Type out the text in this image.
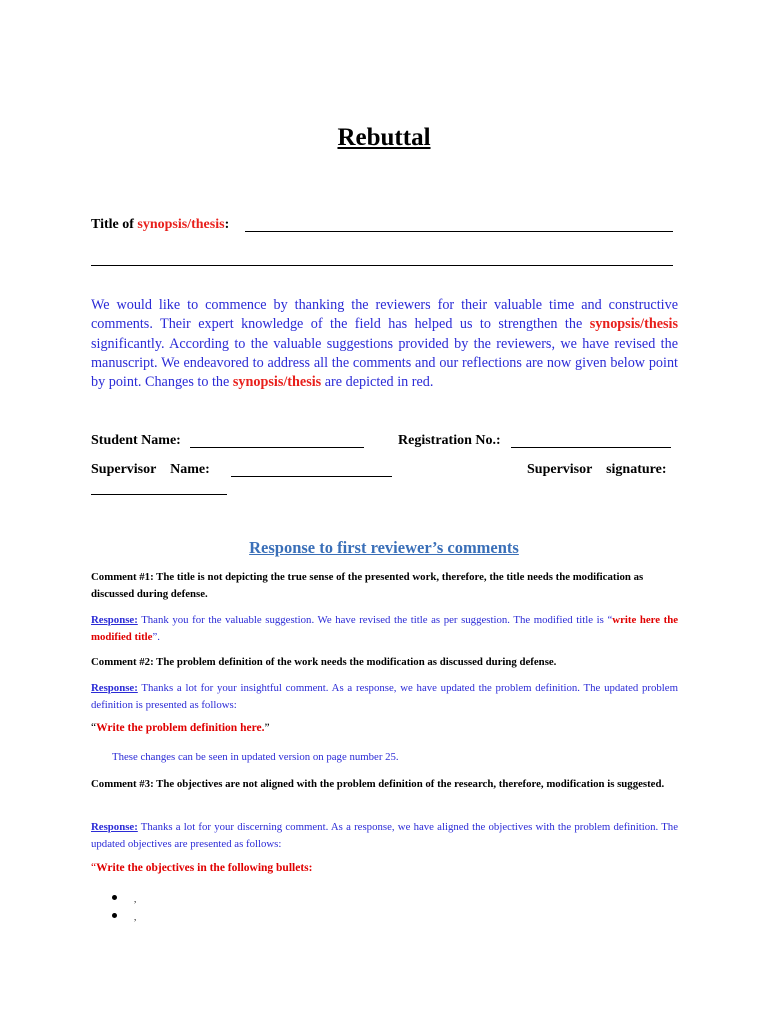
Rebuttal
Title of synopsis/thesis:
We would like to commence by thanking the reviewers for their valuable time and constructive comments. Their expert knowledge of the field has helped us to strengthen the synopsis/thesis significantly. According to the valuable suggestions provided by the reviewers, we have revised the manuscript. We endeavored to address all the comments and our reflections are now given below point by point. Changes to the synopsis/thesis are depicted in red.
Student Name:	Registration No.:
Supervisor    Name:	Supervisor    signature:
Response to first reviewer’s comments
Comment #1: The title is not depicting the true sense of the presented work, therefore, the title needs the modification as discussed during defense.
Response: Thank you for the valuable suggestion. We have revised the title as per suggestion. The modified title is “write here the modified title”.
Comment #2: The problem definition of the work needs the modification as discussed during defense.
Response: Thanks a lot for your insightful comment. As a response, we have updated the problem definition. The updated problem definition is presented as follows:
“Write the problem definition here.”
These changes can be seen in updated version on page number 25.
Comment #3: The objectives are not aligned with the problem definition of the research, therefore, modification is suggested.
Response: Thanks a lot for your discerning comment. As a response, we have aligned the objectives with the problem definition. The updated objectives are presented as follows:
“Write the objectives in the following bullets:
,
,
